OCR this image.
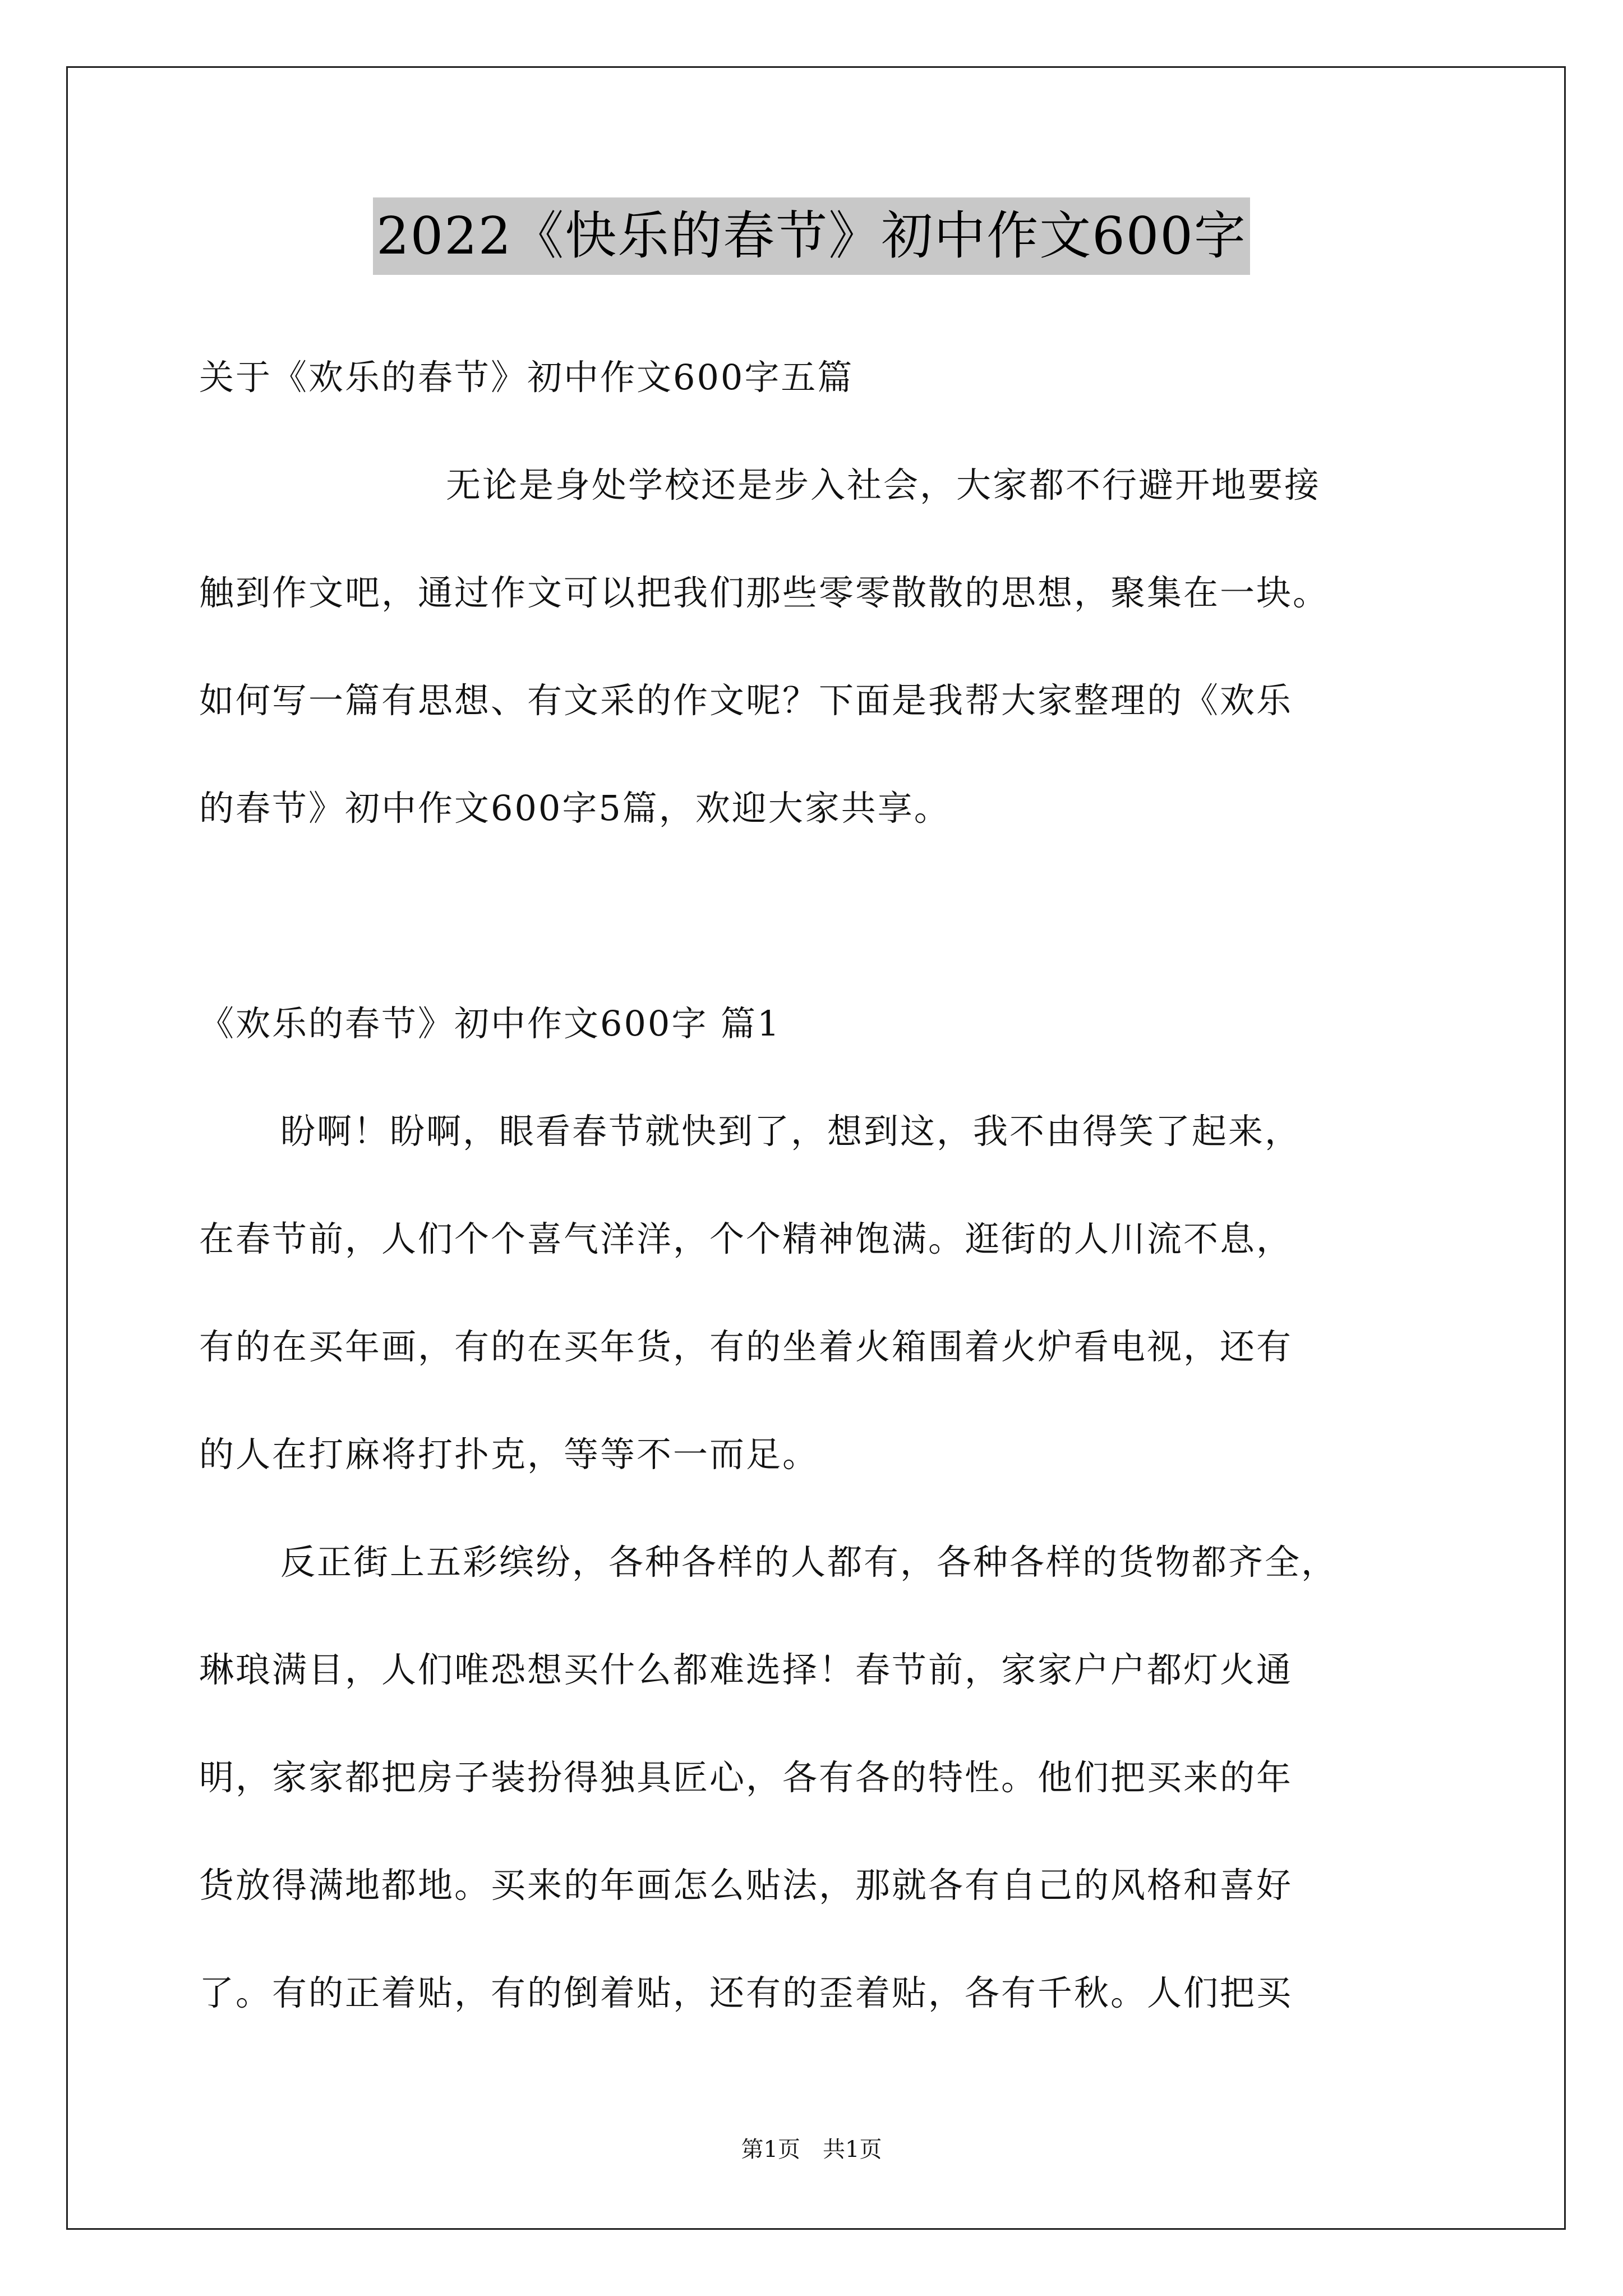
2022《快乐的春节》初中作文600字
关于《欢乐的春节》初中作文600字五篇
无论是身处学校还是步入社会，大家都不行避开地要接
触到作文吧，通过作文可以把我们那些零零散散的思想，聚集在一块。
如何写一篇有思想、有文采的作文呢？下面是我帮大家整理的《欢乐
的春节》初中作文600字5篇，欢迎大家共享。
《欢乐的春节》初中作文600字 篇1
盼啊！盼啊，眼看春节就快到了，想到这，我不由得笑了起来，
在春节前，人们个个喜气洋洋，个个精神饱满。逛街的人川流不息，
有的在买年画，有的在买年货，有的坐着火箱围着火炉看电视，还有
的人在打麻将打扑克，等等不一而足。
反正街上五彩缤纷，各种各样的人都有，各种各样的货物都齐全，
琳琅满目，人们唯恐想买什么都难选择！春节前，家家户户都灯火通
明，家家都把房子装扮得独具匠心，各有各的特性。他们把买来的年
货放得满地都地。买来的年画怎么贴法，那就各有自己的风格和喜好
了。有的正着贴，有的倒着贴，还有的歪着贴，各有千秋。人们把买
第1页 共1页
